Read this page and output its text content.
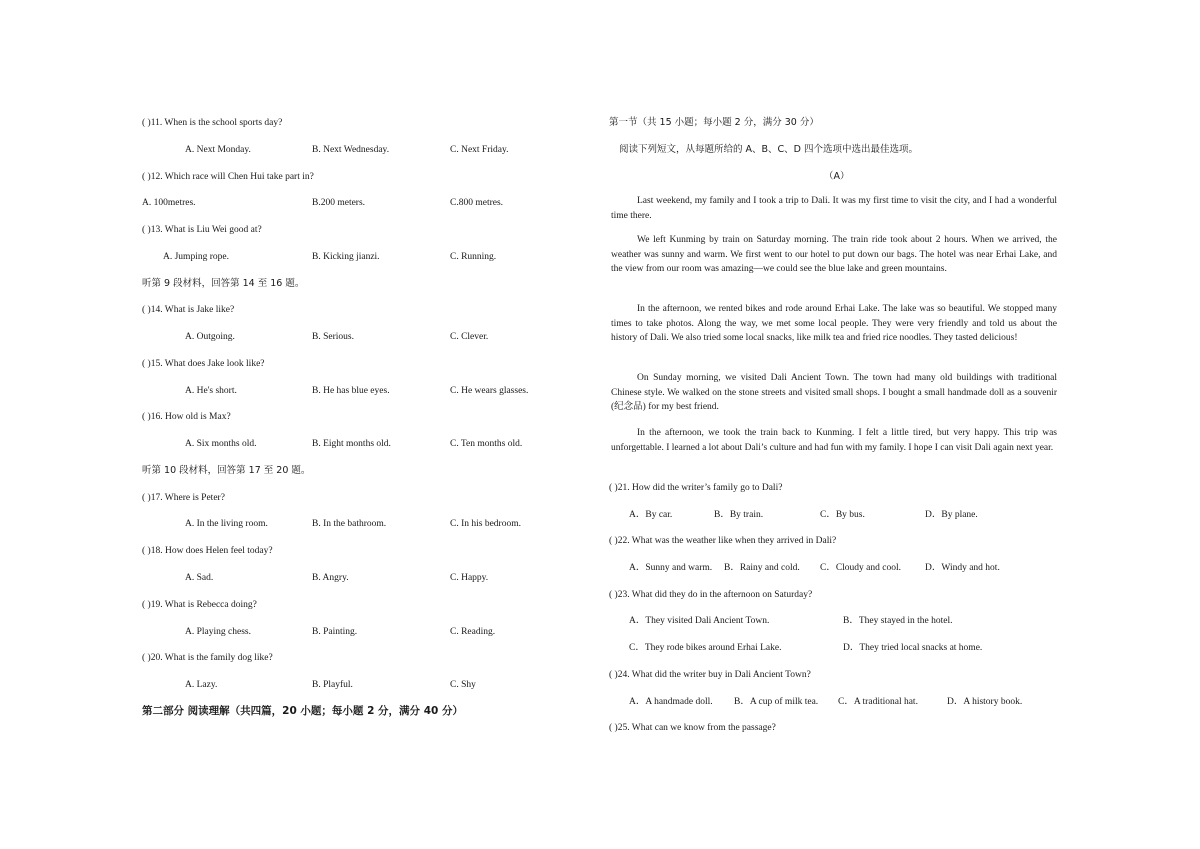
( )11. When is the school sports day?
A. Next Monday.	B. Next Wednesday.	C. Next Friday.
( )12. Which race will Chen Hui take part in?
A. 100metres.	B.200 meters.	C.800 metres.
( )13. What is Liu Wei good at?
A. Jumping rope.	B. Kicking jianzi.	C. Running.
听第 9 段材料，回答第 14 至 16 题。
( )14. What is Jake like?
A. Outgoing.	B. Serious.	C. Clever.
( )15. What does Jake look like?
A. He's short.	B. He has blue eyes.	C. He wears glasses.
( )16. How old is Max?
A. Six months old.	B. Eight months old.	C. Ten months old.
听第 10 段材料，回答第 17 至 20 题。
( )17. Where is Peter?
A. In the living room.	B. In the bathroom.	C. In his bedroom.
( )18. How does Helen feel today?
A. Sad.	B. Angry.	C. Happy.
( )19. What is Rebecca doing?
A. Playing chess.	B. Painting.	C. Reading.
( )20. What is the family dog like?
A. Lazy.	B. Playful.	C. Shy
第二部分 阅读理解（共四篇，20 小题；每小题 2 分，满分 40 分）
第一节（共 15 小题；每小题 2 分，满分 30 分）
阅读下列短文，从每题所给的 A、B、C、D 四个选项中选出最佳选项。
（A）
Last weekend, my family and I took a trip to Dali. It was my first time to visit the city, and I had a wonderful time there.
We left Kunming by train on Saturday morning. The train ride took about 2 hours. When we arrived, the weather was sunny and warm. We first went to our hotel to put down our bags. The hotel was near Erhai Lake, and the view from our room was amazing—we could see the blue lake and green mountains.
In the afternoon, we rented bikes and rode around Erhai Lake. The lake was so beautiful. We stopped many times to take photos. Along the way, we met some local people. They were very friendly and told us about the history of Dali. We also tried some local snacks, like milk tea and fried rice noodles. They tasted delicious!
On Sunday morning, we visited Dali Ancient Town. The town had many old buildings with traditional Chinese style. We walked on the stone streets and visited small shops. I bought a small handmade doll as a souvenir (纪念品) for my best friend.
In the afternoon, we took the train back to Kunming. I felt a little tired, but very happy. This trip was unforgettable. I learned a lot about Dali’s culture and had fun with my family. I hope I can visit Dali again next year.
( )21. How did the writer’s family go to Dali?
A．By car.	B．By train.	C．By bus.	D．By plane.
( )22. What was the weather like when they arrived in Dali?
A．Sunny and warm. B．Rainy and cold. C．Cloudy and cool.	D．Windy and hot.
( )23. What did they do in the afternoon on Saturday?
A．They visited Dali Ancient Town.	B．They stayed in the hotel.
C．They rode bikes around Erhai Lake.	D．They tried local snacks at home.
( )24. What did the writer buy in Dali Ancient Town?
A．A handmade doll. B．A cup of milk tea. C．A traditional hat.	D．A history book.
( )25. What can we know from the passage?
